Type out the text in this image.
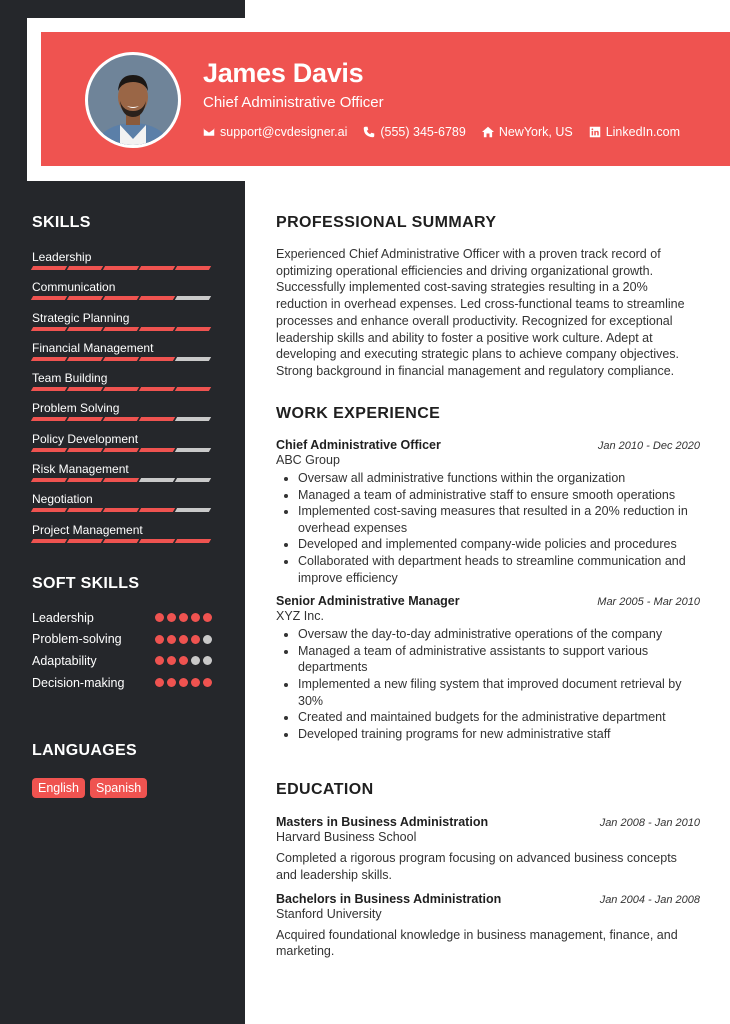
James Davis
Chief Administrative Officer
support@cvdesigner.ai	(555) 345-6789	NewYork, US	LinkedIn.com
SKILLS
Leadership
Communication
Strategic Planning
Financial Management
Team Building
Problem Solving
Policy Development
Risk Management
Negotiation
Project Management
SOFT SKILLS
Leadership
Problem-solving
Adaptability
Decision-making
LANGUAGES
English	Spanish
PROFESSIONAL SUMMARY
Experienced Chief Administrative Officer with a proven track record of optimizing operational efficiencies and driving organizational growth. Successfully implemented cost-saving strategies resulting in a 20% reduction in overhead expenses. Led cross-functional teams to streamline processes and enhance overall productivity. Recognized for exceptional leadership skills and ability to foster a positive work culture. Adept at developing and executing strategic plans to achieve company objectives. Strong background in financial management and regulatory compliance.
WORK EXPERIENCE
Chief Administrative Officer	Jan 2010 - Dec 2020
ABC Group
• Oversaw all administrative functions within the organization
• Managed a team of administrative staff to ensure smooth operations
• Implemented cost-saving measures that resulted in a 20% reduction in overhead expenses
• Developed and implemented company-wide policies and procedures
• Collaborated with department heads to streamline communication and improve efficiency
Senior Administrative Manager	Mar 2005 - Mar 2010
XYZ Inc.
• Oversaw the day-to-day administrative operations of the company
• Managed a team of administrative assistants to support various departments
• Implemented a new filing system that improved document retrieval by 30%
• Created and maintained budgets for the administrative department
• Developed training programs for new administrative staff
EDUCATION
Masters in Business Administration	Jan 2008 - Jan 2010
Harvard Business School
Completed a rigorous program focusing on advanced business concepts and leadership skills.
Bachelors in Business Administration	Jan 2004 - Jan 2008
Stanford University
Acquired foundational knowledge in business management, finance, and marketing.
